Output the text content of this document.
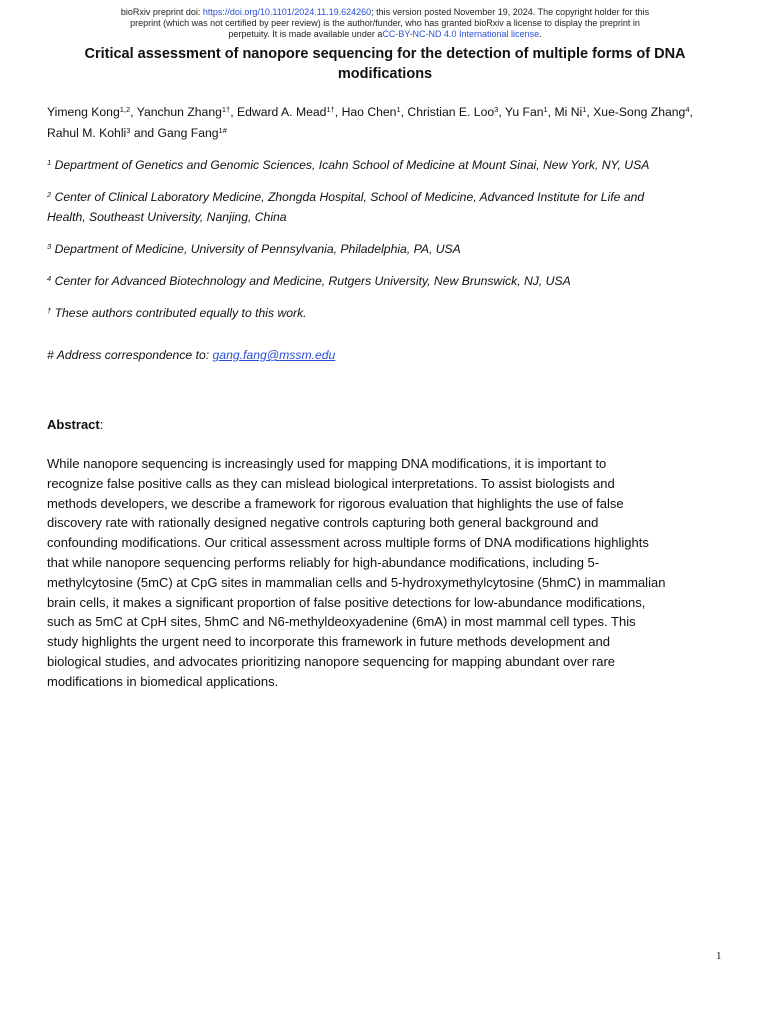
bioRxiv preprint doi: https://doi.org/10.1101/2024.11.19.624260; this version posted November 19, 2024. The copyright holder for this
preprint (which was not certified by peer review) is the author/funder, who has granted bioRxiv a license to display the preprint in
perpetuity. It is made available under aCC-BY-NC-ND 4.0 International license.
Critical assessment of nanopore sequencing for the detection of multiple forms of DNA
modifications
Yimeng Kong$^{1,2}$, Yanchun Zhang$^{1\dagger}$, Edward A. Mead$^{1\dagger}$, Hao Chen$^1$, Christian E. Loo$^3$, Yu Fan$^1$, Mi Ni$^1$, Xue-Song Zhang$^4$, Rahul M. Kohli$^3$ and Gang Fang$^{1\#}$
$^1$ Department of Genetics and Genomic Sciences, Icahn School of Medicine at Mount Sinai, New York, NY, USA
$^2$ Center of Clinical Laboratory Medicine, Zhongda Hospital, School of Medicine, Advanced Institute for Life and
Health, Southeast University, Nanjing, China
$^3$ Department of Medicine, University of Pennsylvania, Philadelphia, PA, USA
$^4$ Center for Advanced Biotechnology and Medicine, Rutgers University, New Brunswick, NJ, USA
† These authors contributed equally to this work.
# Address correspondence to: gang.fang@mssm.edu
Abstract:
While nanopore sequencing is increasingly used for mapping DNA modifications, it is important to
recognize false positive calls as they can mislead biological interpretations. To assist biologists and
methods developers, we describe a framework for rigorous evaluation that highlights the use of false
discovery rate with rationally designed negative controls capturing both general background and
confounding modifications. Our critical assessment across multiple forms of DNA modifications highlights
that while nanopore sequencing performs reliably for high-abundance modifications, including 5-
methylcytosine (5mC) at CpG sites in mammalian cells and 5-hydroxymethylcytosine (5hmC) in mammalian
brain cells, it makes a significant proportion of false positive detections for low-abundance modifications,
such as 5mC at CpH sites, 5hmC and N6-methyldeoxyadenine (6mA) in most mammal cell types. This
study highlights the urgent need to incorporate this framework in future methods development and
biological studies, and advocates prioritizing nanopore sequencing for mapping abundant over rare
modifications in biomedical applications.
1
